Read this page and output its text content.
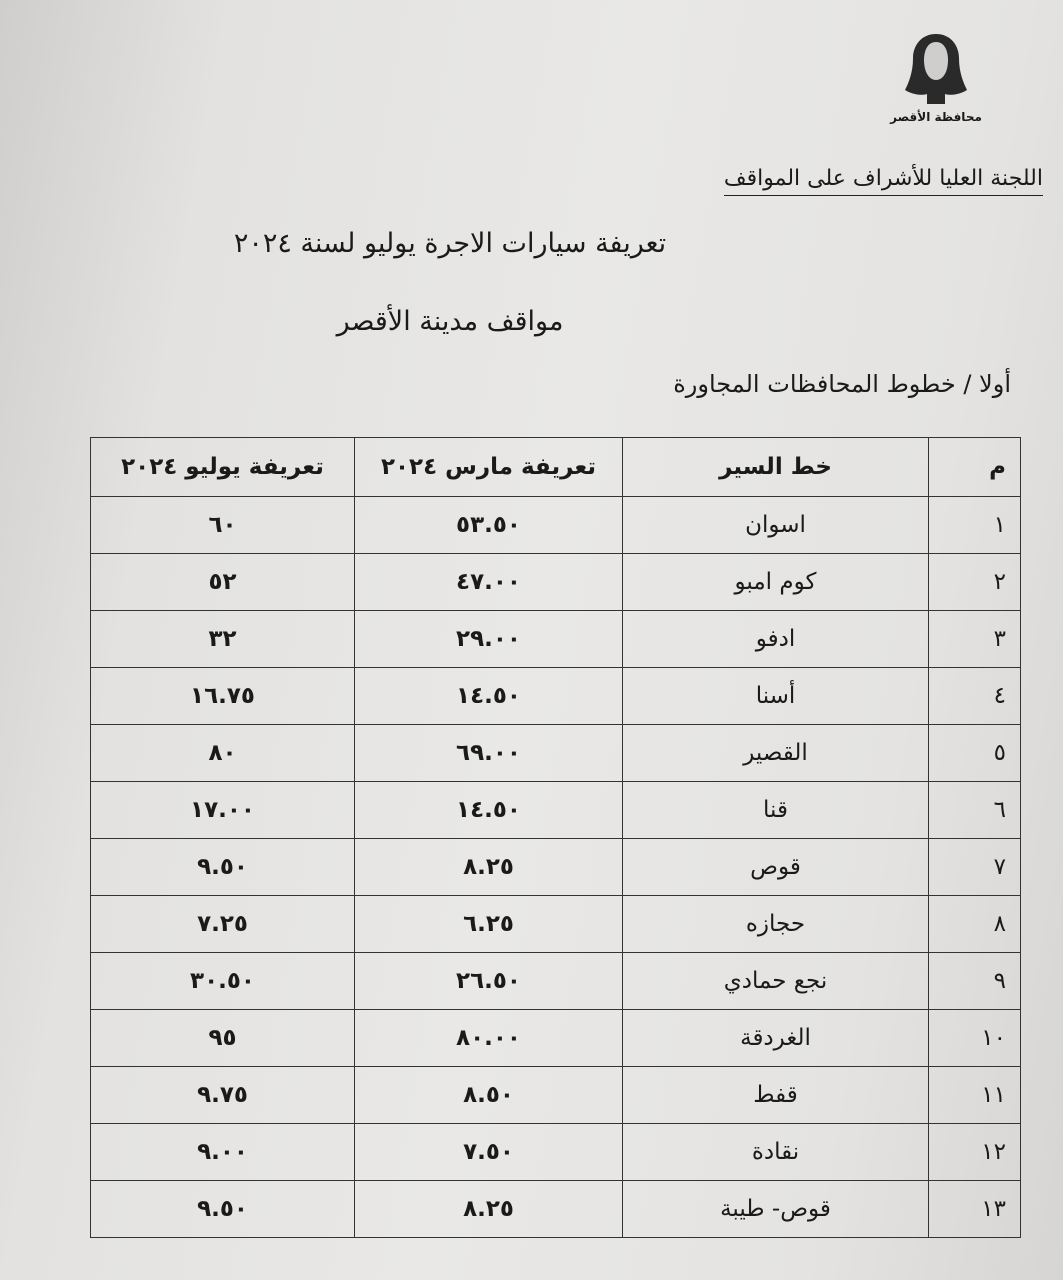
محافظة الأقصر
اللجنة العليا للأشراف على المواقف
تعريفة سيارات الاجرة يوليو لسنة ٢٠٢٤
مواقف مدينة الأقصر
أولا / خطوط المحافظات المجاورة
م	خط السير	تعريفة مارس ٢٠٢٤	تعريفة يوليو ٢٠٢٤
١	اسوان	٥٣.٥٠	٦٠
٢	كوم امبو	٤٧.٠٠	٥٢
٣	ادفو	٢٩.٠٠	٣٢
٤	أسنا	١٤.٥٠	١٦.٧٥
٥	القصير	٦٩.٠٠	٨٠
٦	قنا	١٤.٥٠	١٧.٠٠
٧	قوص	٨.٢٥	٩.٥٠
٨	حجازه	٦.٢٥	٧.٢٥
٩	نجع حمادي	٢٦.٥٠	٣٠.٥٠
١٠	الغردقة	٨٠.٠٠	٩٥
١١	قفط	٨.٥٠	٩.٧٥
١٢	نقادة	٧.٥٠	٩.٠٠
١٣	قوص- طيبة	٨.٢٥	٩.٥٠
